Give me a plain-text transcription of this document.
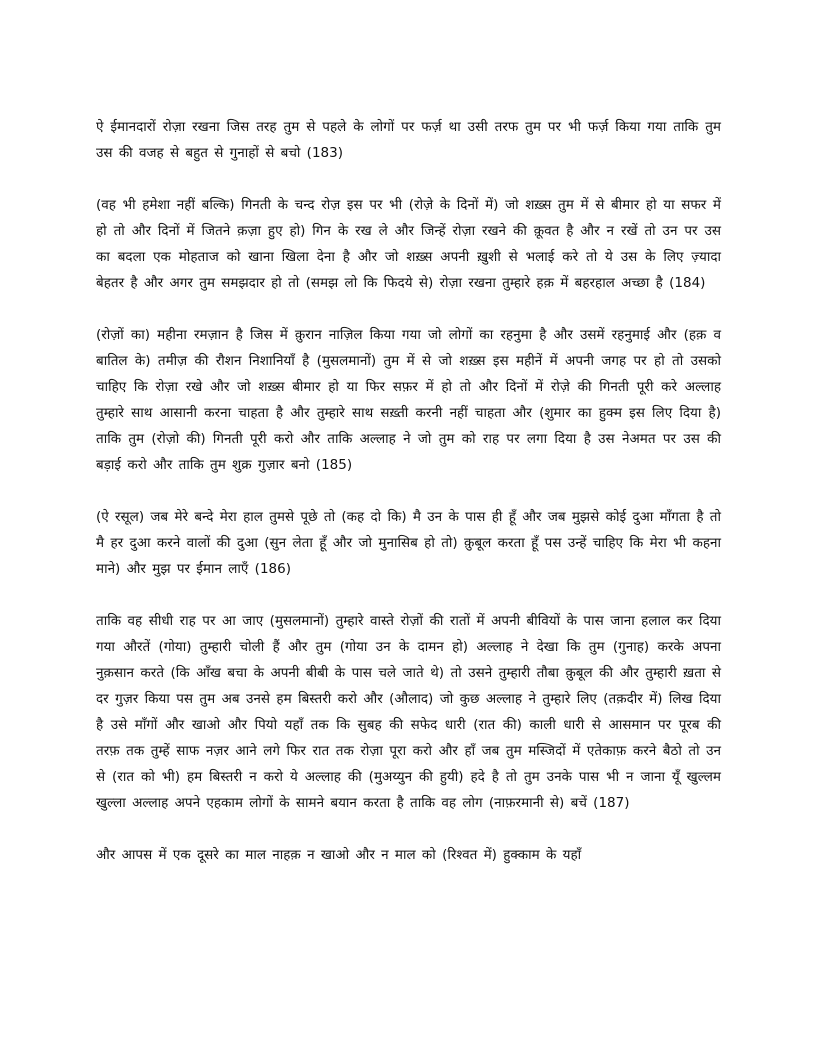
ऐ ईमानदारों रोज़ा रखना जिस तरह तुम से पहले के लोगों पर फर्ज़ था उसी तरफ तुम पर भी फर्ज़ किया गया ताकि तुम उस की वजह से बहुत से गुनाहों से बचो (183)

(वह भी हमेशा नहीं बल्कि) गिनती के चन्द रोज़ इस पर भी (रोज़े के दिनों में) जो शख़्स तुम में से बीमार हो या सफर में हो तो और दिनों में जितने क़ज़ा हुए हो) गिन के रख ले और जिन्हें रोज़ा रखने की क़ूवत है और न रखें तो उन पर उस का बदला एक मोहताज को खाना खिला देना है और जो शख़्स अपनी ख़ुशी से भलाई करे तो ये उस के लिए ज़्यादा बेहतर है और अगर तुम समझदार हो तो (समझ लो कि फिदये से) रोज़ा रखना तुम्हारे हक़ में बहरहाल अच्छा है (184)

(रोज़ों का) महीना रमज़ान है जिस में क़ुरान नाज़िल किया गया जो लोगों का रहनुमा है और उसमें रहनुमाई और (हक़ व बातिल के) तमीज़ की रौशन निशानियाँ है (मुसलमानों) तुम में से जो शख़्स इस महीनें में अपनी जगह पर हो तो उसको चाहिए कि रोज़ा रखे और जो शख़्स बीमार हो या फिर सफ़र में हो तो और दिनों में रोज़े की गिनती पूरी करे अल्लाह तुम्हारे साथ आसानी करना चाहता है और तुम्हारे साथ सख़्ती करनी नहीं चाहता और (शुमार का हुक्म इस लिए दिया है) ताकि तुम (रोज़ो की) गिनती पूरी करो और ताकि अल्लाह ने जो तुम को राह पर लगा दिया है उस नेअमत पर उस की बड़ाई करो और ताकि तुम शुक्र गुज़ार बनो (185)

(ऐ रसूल) जब मेरे बन्दे मेरा हाल तुमसे पूछे तो (कह दो कि) मै उन के पास ही हूँ और जब मुझसे कोई दुआ माँगता है तो मै हर दुआ करने वालों की दुआ (सुन लेता हूँ और जो मुनासिब हो तो) क़ुबूल करता हूँ पस उन्हें चाहिए कि मेरा भी कहना माने) और मुझ पर ईमान लाएँ (186)

ताकि वह सीधी राह पर आ जाए (मुसलमानों) तुम्हारे वास्ते रोज़ों की रातों में अपनी बीवियों के पास जाना हलाल कर दिया गया औरतें (गोया) तुम्हारी चोली हैं और तुम (गोया उन के दामन हो) अल्लाह ने देखा कि तुम (गुनाह) करके अपना नुक़सान करते (कि आँख बचा के अपनी बीबी के पास चले जाते थे) तो उसने तुम्हारी तौबा क़ुबूल की और तुम्हारी ख़ता से दर गुज़र किया पस तुम अब उनसे हम बिस्तरी करो और (औलाद) जो कुछ अल्लाह ने तुम्हारे लिए (तक़दीर में) लिख दिया है उसे माँगों और खाओ और पियो यहाँ तक कि सुबह की सफेद धारी (रात की) काली धारी से आसमान पर पूरब की तरफ़ तक तुम्हें साफ नज़र आने लगे फिर रात तक रोज़ा पूरा करो और हाँ जब तुम मस्जिदों में एतेकाफ़ करने बैठो तो उन से (रात को भी) हम बिस्तरी न करो ये अल्लाह की (मुअय्युन की हुयी) हदे है तो तुम उनके पास भी न जाना यूँ खुल्लम खुल्ला अल्लाह अपने एहकाम लोगों के सामने बयान करता है ताकि वह लोग (नाफ़रमानी से) बचें (187)

और आपस में एक दूसरे का माल नाहक़ न खाओ और न माल को (रिश्वत में) हुक्काम के यहाँ
